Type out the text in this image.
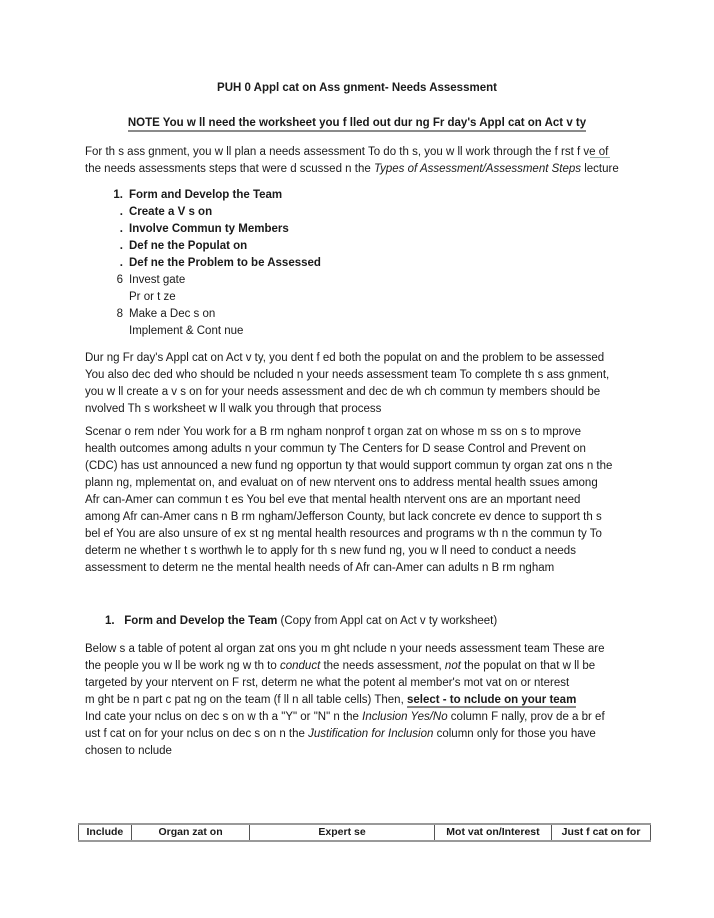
PUH 0 Appl cat on Ass gnment- Needs Assessment
NOTE You w ll need the worksheet you f lled out dur ng Fr day's Appl cat on Act v ty
For th s ass gnment, you w ll plan a needs assessment To do th s, you w ll work through the f rst f ve of
the needs assessments steps that were d scussed n the Types of Assessment/Assessment Steps lecture
1. Form and Develop the Team
. Create a V s on
. Involve Commun ty Members
. Def ne the Populat on
. Def ne the Problem to be Assessed
6 Invest gate
Pr or t ze
8 Make a Dec s on
Implement & Cont nue
Dur ng Fr day's Appl cat on Act v ty, you dent f ed both the populat on and the problem to be assessed
You also dec ded who should be ncluded n your needs assessment team To complete th s ass gnment,
you w ll create a v s on for your needs assessment and dec de wh ch commun ty members should be
nvolved Th s worksheet w ll walk you through that process
Scenar o rem nder You work for a B rm ngham nonprof t organ zat on whose m ss on s to mprove
health outcomes among adults n your commun ty The Centers for D sease Control and Prevent on
(CDC) has ust announced a new fund ng opportun ty that would support commun ty organ zat ons n the
plann ng, mplementat on, and evaluat on of new ntervent ons to address mental health ssues among
Afr can-Amer can commun t es You bel eve that mental health ntervent ons are an mportant need
among Afr can-Amer cans n B rm ngham/Jefferson County, but lack concrete ev dence to support th s
bel ef You are also unsure of ex st ng mental health resources and programs w th n the commun ty To
determ ne whether t s worthwh le to apply for th s new fund ng, you w ll need to conduct a needs
assessment to determ ne the mental health needs of Afr can-Amer can adults n B rm ngham
1. Form and Develop the Team (Copy from Appl cat on Act v ty worksheet)
Below s a table of potent al organ zat ons you m ght nclude n your needs assessment team These are
the people you w ll be work ng w th to conduct the needs assessment, not the populat on that w ll be
targeted by your ntervent on F rst, determ ne what the potent al member's mot vat on or nterest
m ght be n part c pat ng on the team (f ll n all table cells) Then, select - to nclude on your team
Ind cate your nclus on dec s on w th a "Y" or "N" n the Inclusion Yes/No column F nally, prov de a br ef
ust f cat on for your nclus on dec s on n the Justification for Inclusion column only for those you have
chosen to nclude
Include	Organ zat on	Expert se	Mot vat on/Interest	Just f cat on for
